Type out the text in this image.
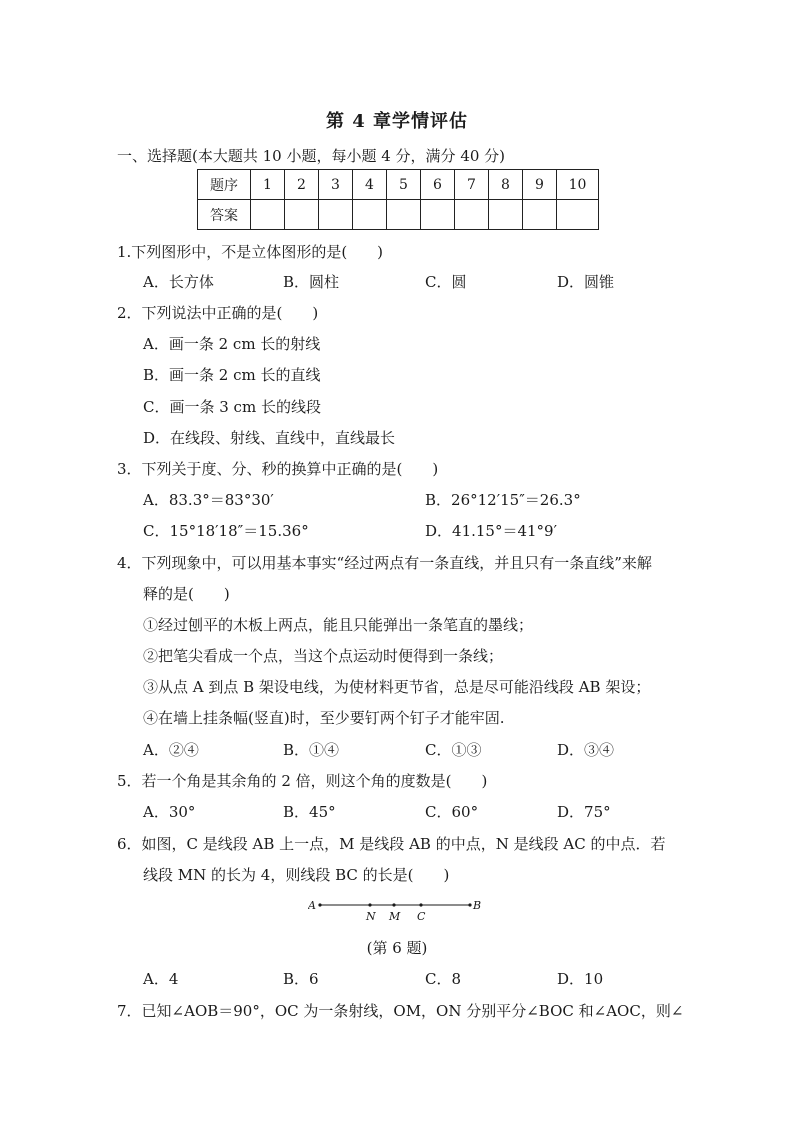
第 4 章学情评估
一、选择题(本大题共 10 小题，每小题 4 分，满分 40 分)
题序	1	2	3	4	5	6	7	8	9	10
答案										
1.下列图形中，不是立体图形的是(　　)
A．长方体	B．圆柱	C．圆	D．圆锥
2．下列说法中正确的是(　　)
A．画一条 2 cm 长的射线
B．画一条 2 cm 长的直线
C．画一条 3 cm 长的线段
D．在线段、射线、直线中，直线最长
3．下列关于度、分、秒的换算中正确的是(　　)
A．83.3°＝83°30′	B．26°12′15″＝26.3°
C．15°18′18″＝15.36°	D．41.15°＝41°9′
4．下列现象中，可以用基本事实“经过两点有一条直线，并且只有一条直线”来解
释的是(　　)
①经过刨平的木板上两点，能且只能弹出一条笔直的墨线；
②把笔尖看成一个点，当这个点运动时便得到一条线；
③从点 A 到点 B 架设电线，为使材料更节省，总是尽可能沿线段 AB 架设；
④在墙上挂条幅(竖直)时，至少要钉两个钉子才能牢固.
A．②④	B．①④	C．①③	D．③④
5．若一个角是其余角的 2 倍，则这个角的度数是(　　)
A．30°	B．45°	C．60°	D．75°
6．如图，C 是线段 AB 上一点，M 是线段 AB 的中点，N 是线段 AC 的中点．若
线段 MN 的长为 4，则线段 BC 的长是(　　)
A
N M C
B
(第 6 题)
A．4	B．6	C．8	D．10
7．已知∠AOB＝90°，OC 为一条射线，OM，ON 分别平分∠BOC 和∠AOC，则∠
